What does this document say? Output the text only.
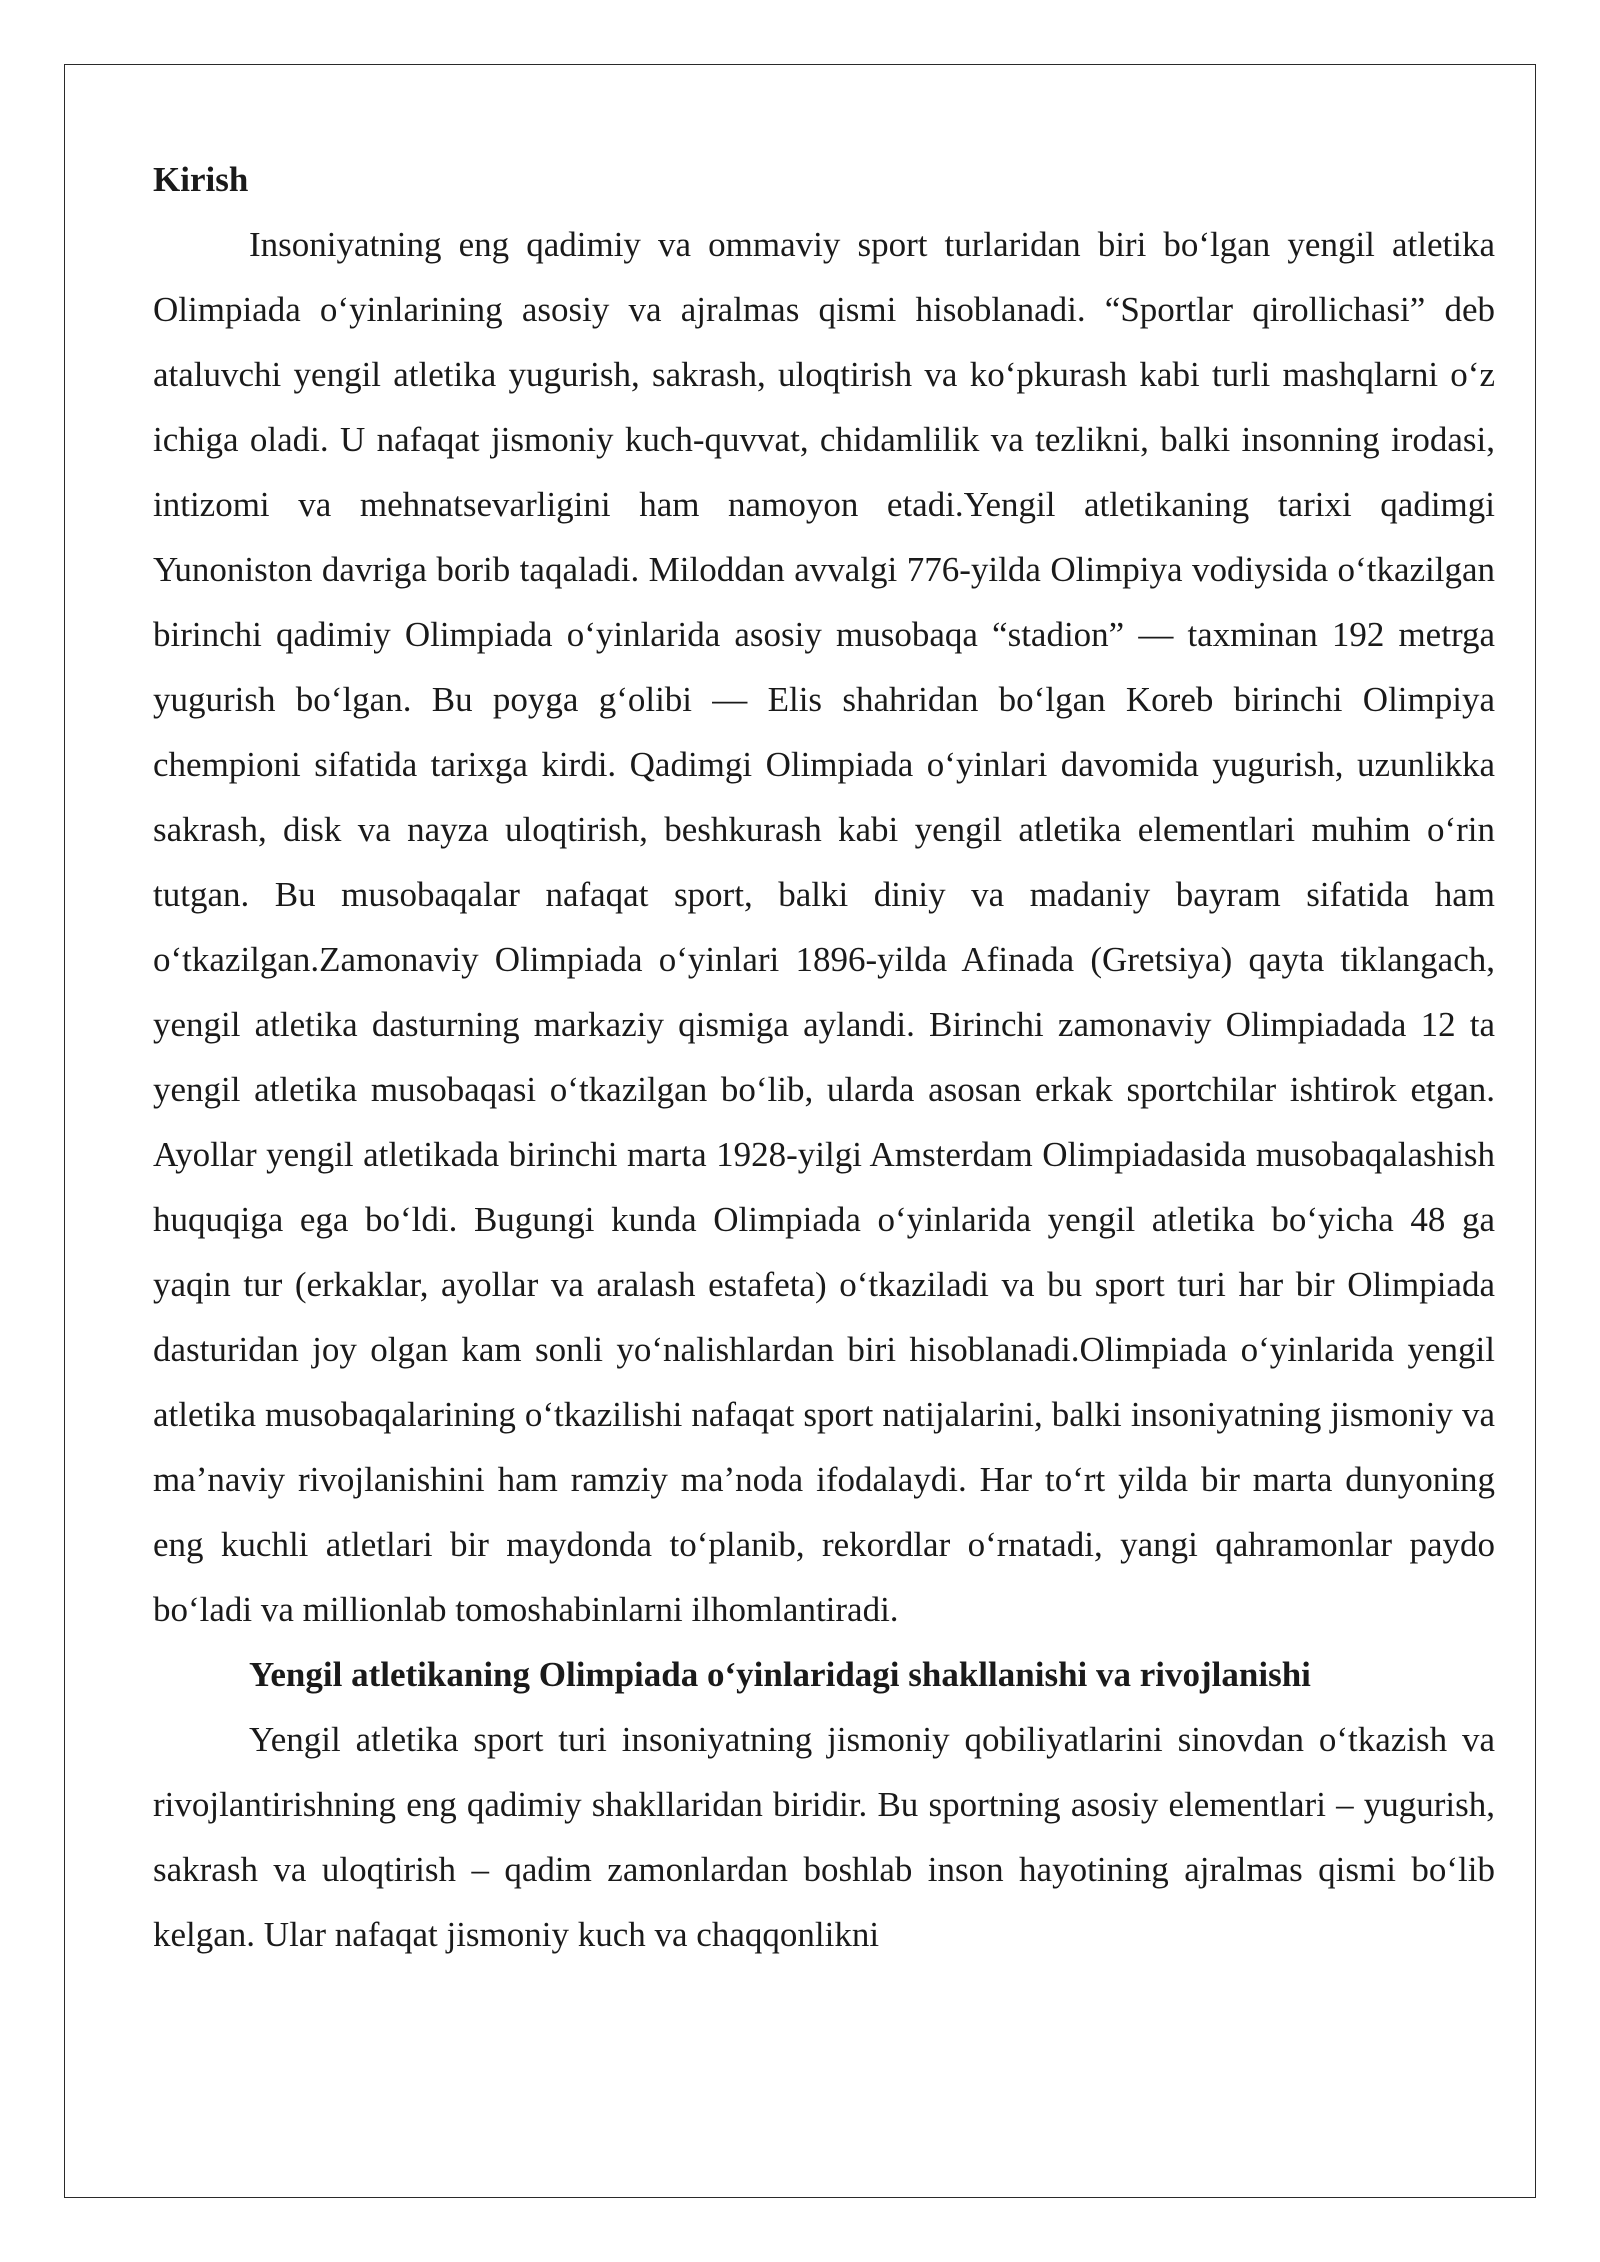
Kirish

Insoniyatning eng qadimiy va ommaviy sport turlaridan biri boʻlgan yengil atletika Olimpiada oʻyinlarining asosiy va ajralmas qismi hisoblanadi. “Sportlar qirollichasi” deb ataluvchi yengil atletika yugurish, sakrash, uloqtirish va koʻpkurash kabi turli mashqlarni oʻz ichiga oladi. U nafaqat jismoniy kuch-quvvat, chidamlilik va tezlikni, balki insonning irodasi, intizomi va mehnatsevarligini ham namoyon etadi.Yengil atletikaning tarixi qadimgi Yunoniston davriga borib taqaladi. Miloddan avvalgi 776-yilda Olimpiya vodiysida oʻtkazilgan birinchi qadimiy Olimpiada oʻyinlarida asosiy musobaqa “stadion” — taxminan 192 metrga yugurish boʻlgan. Bu poyga gʻolibi — Elis shahridan boʻlgan Koreb birinchi Olimpiya chempioni sifatida tarixga kirdi. Qadimgi Olimpiada oʻyinlari davomida yugurish, uzunlikka sakrash, disk va nayza uloqtirish, beshkurash kabi yengil atletika elementlari muhim oʻrin tutgan. Bu musobaqalar nafaqat sport, balki diniy va madaniy bayram sifatida ham oʻtkazilgan.Zamonaviy Olimpiada oʻyinlari 1896-yilda Afinada (Gretsiya) qayta tiklangach, yengil atletika dasturning markaziy qismiga aylandi. Birinchi zamonaviy Olimpiadada 12 ta yengil atletika musobaqasi oʻtkazilgan boʻlib, ularda asosan erkak sportchilar ishtirok etgan. Ayollar yengil atletikada birinchi marta 1928-yilgi Amsterdam Olimpiadasida musobaqalashish huquqiga ega boʻldi. Bugungi kunda Olimpiada oʻyinlarida yengil atletika boʻyicha 48 ga yaqin tur (erkaklar, ayollar va aralash estafeta) oʻtkaziladi va bu sport turi har bir Olimpiada dasturidan joy olgan kam sonli yoʻnalishlardan biri hisoblanadi.Olimpiada oʻyinlarida yengil atletika musobaqalarining oʻtkazilishi nafaqat sport natijalarini, balki insoniyatning jismoniy va maʼnaviy rivojlanishini ham ramziy maʼnoda ifodalaydi. Har toʻrt yilda bir marta dunyoning eng kuchli atletlari bir maydonda toʻplanib, rekordlar oʻrnatadi, yangi qahramonlar paydo boʻladi va millionlab tomoshabinlarni ilhomlantiradi.

Yengil atletikaning Olimpiada oʻyinlaridagi shakllanishi va rivojlanishi

Yengil atletika sport turi insoniyatning jismoniy qobiliyatlarini sinovdan oʻtkazish va rivojlantirishning eng qadimiy shakllaridan biridir. Bu sportning asosiy elementlari – yugurish, sakrash va uloqtirish – qadim zamonlardan boshlab inson hayotining ajralmas qismi boʻlib kelgan. Ular nafaqat jismoniy kuch va chaqqonlikni
